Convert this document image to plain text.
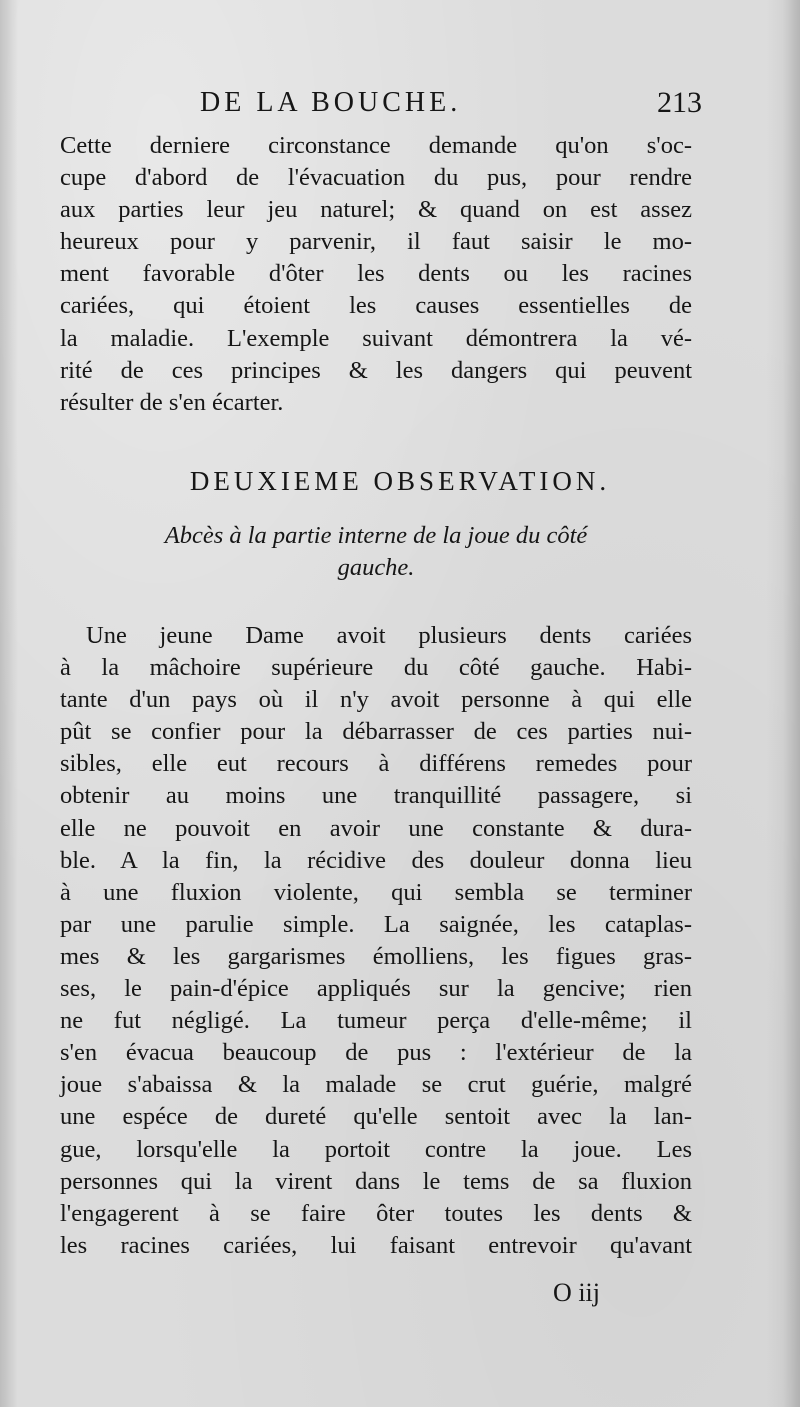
DE LA BOUCHE.	213
Cette derniere circonstance demande qu'on s'oc-
cupe d'abord de l'évacuation du pus, pour rendre
aux parties leur jeu naturel; & quand on est assez
heureux pour y parvenir, il faut saisir le mo-
ment favorable d'ôter les dents ou les racines
cariées, qui étoient les causes essentielles de
la maladie. L'exemple suivant démontrera la vé-
rité de ces principes & les dangers qui peuvent
résulter de s'en écarter.
DEUXIEME OBSERVATION.
Abcès à la partie interne de la joue du côté
gauche.
Une jeune Dame avoit plusieurs dents cariées
à la mâchoire supérieure du côté gauche. Habi-
tante d'un pays où il n'y avoit personne à qui elle
pût se confier pour la débarrasser de ces parties nui-
sibles, elle eut recours à différens remedes pour
obtenir au moins une tranquillité passagere, si
elle ne pouvoit en avoir une constante & dura-
ble. A la fin, la récidive des douleur donna lieu
à une fluxion violente, qui sembla se terminer
par une parulie simple. La saignée, les cataplas-
mes & les gargarismes émolliens, les figues gras-
ses, le pain-d'épice appliqués sur la gencive; rien
ne fut négligé. La tumeur perça d'elle-même; il
s'en évacua beaucoup de pus : l'extérieur de la
joue s'abaissa & la malade se crut guérie, malgré
une espéce de dureté qu'elle sentoit avec la lan-
gue, lorsqu'elle la portoit contre la joue. Les
personnes qui la virent dans le tems de sa fluxion
l'engagerent à se faire ôter toutes les dents &
les racines cariées, lui faisant entrevoir qu'avant
O iij
